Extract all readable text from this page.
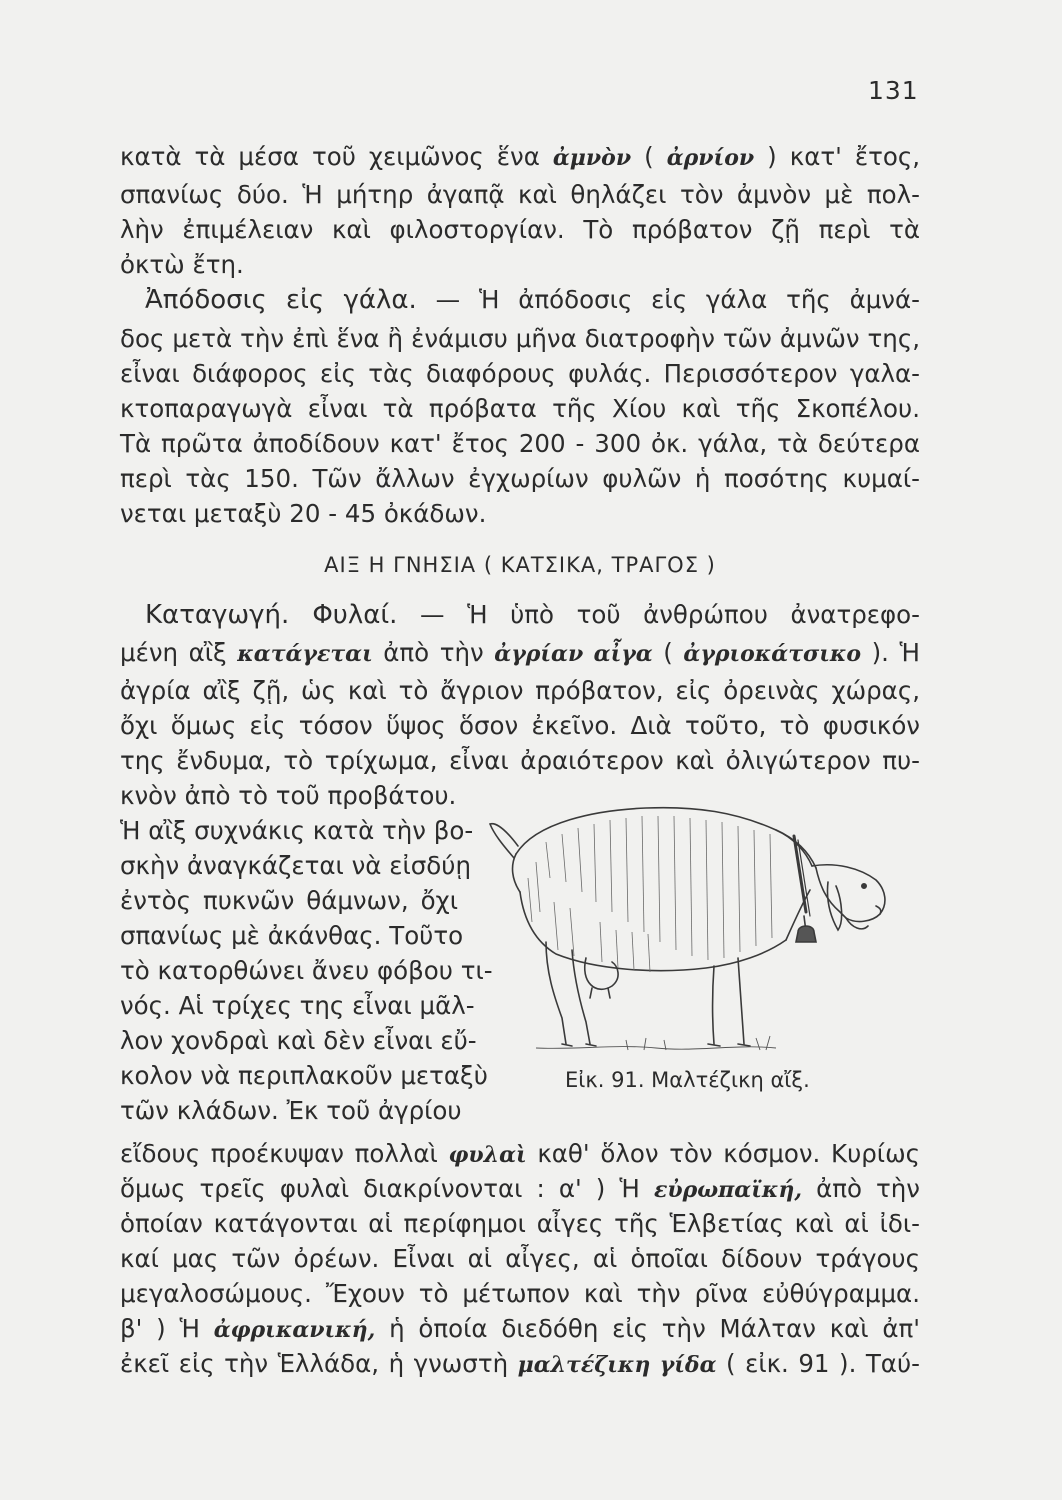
131
κατὰ τὰ μέσα τοῦ χειμῶνος ἕνα ἀμνὸν ( ἀρνίον ) κατ' ἔτος,
σπανίως δύο. Ἡ μήτηρ ἀγαπᾷ καὶ θηλάζει τὸν ἀμνὸν μὲ πολ-
λὴν ἐπιμέλειαν καὶ φιλοστοργίαν. Τὸ πρόβατον ζῇ περὶ τὰ
ὀκτὼ ἔτη.
Ἀπόδοσις εἰς γάλα. — Ἡ ἀπόδοσις εἰς γάλα τῆς ἀμνά-
δος μετὰ τὴν ἐπὶ ἕνα ἢ ἐνάμισυ μῆνα διατροφὴν τῶν ἀμνῶν της,
εἶναι διάφορος εἰς τὰς διαφόρους φυλάς. Περισσότερον γαλα-
κτοπαραγωγὰ εἶναι τὰ πρόβατα τῆς Χίου καὶ τῆς Σκοπέλου.
Τὰ πρῶτα ἀποδίδουν κατ' ἔτος 200 - 300 ὀκ. γάλα, τὰ δεύτερα
περὶ τὰς 150. Τῶν ἄλλων ἐγχωρίων φυλῶν ἡ ποσότης κυμαί-
νεται μεταξὺ 20 - 45 ὀκάδων.
ΑΙΞ Η ΓΝΗΣΙΑ ( ΚΑΤΣΙΚΑ, ΤΡΑΓΟΣ )
Καταγωγή. Φυλαί. — Ἡ ὑπὸ τοῦ ἀνθρώπου ἀνατρεφο-
μένη αἲξ κατάγεται ἀπὸ τὴν ἀγρίαν αἶγα ( ἀγριοκάτσικο ). Ἡ
ἀγρία αἲξ ζῇ, ὡς καὶ τὸ ἄγριον πρόβατον, εἰς ὀρεινὰς χώρας,
ὄχι ὅμως εἰς τόσον ὕψος ὅσον ἐκεῖνο. Διὰ τοῦτο, τὸ φυσικόν
της ἔνδυμα, τὸ τρίχωμα, εἶναι ἀραιότερον καὶ ὀλιγώτερον πυ-
κνὸν ἀπὸ τὸ τοῦ προβάτου.
Ἡ αἲξ συχνάκις κατὰ τὴν βο-
σκὴν ἀναγκάζεται νὰ εἰσδύῃ
ἐντὸς πυκνῶν θάμνων, ὄχι
σπανίως μὲ ἀκάνθας. Τοῦτο
τὸ κατορθώνει ἄνευ φόβου τι-
νός. Αἱ τρίχες της εἶναι μᾶλ-
λον χονδραὶ καὶ δὲν εἶναι εὔ-
κολον νὰ περιπλακοῦν μεταξὺ
τῶν κλάδων. Ἐκ τοῦ ἀγρίου
Εἰκ. 91. Μαλτέζικη αἴξ.
εἴδους προέκυψαν πολλαὶ φυλαὶ καθ' ὅλον τὸν κόσμον. Κυρίως
ὅμως τρεῖς φυλαὶ διακρίνονται : α' ) Ἡ εὐρωπαϊκή, ἀπὸ τὴν
ὁποίαν κατάγονται αἱ περίφημοι αἶγες τῆς Ἑλβετίας καὶ αἱ ἰδι-
καί μας τῶν ὀρέων. Εἶναι αἱ αἶγες, αἱ ὁποῖαι δίδουν τράγους
μεγαλοσώμους. Ἔχουν τὸ μέτωπον καὶ τὴν ρῖνα εὐθύγραμμα.
β' ) Ἡ ἀφρικανική, ἡ ὁποία διεδόθη εἰς τὴν Μάλταν καὶ ἀπ'
ἐκεῖ εἰς τὴν Ἑλλάδα, ἡ γνωστὴ μαλτέζικη γίδα ( εἰκ. 91 ). Ταύ-
